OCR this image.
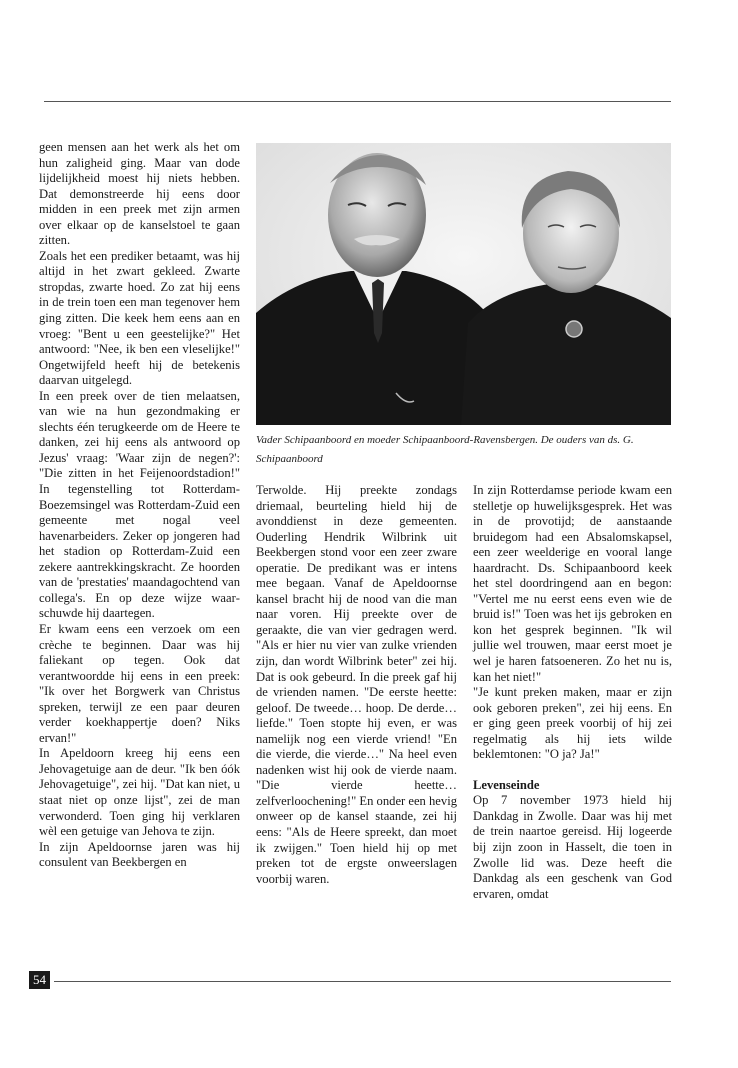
geen mensen aan het werk als het om hun zaligheid ging. Maar van dode lijdelijkheid moest hij niets hebben. Dat demonstreerde hij eens door midden in een preek met zijn armen over elkaar op de kanselstoel te gaan zitten.

Zoals het een prediker betaamt, was hij altijd in het zwart gekleed. Zwarte stropdas, zwarte hoed. Zo zat hij eens in de trein toen een man tegenover hem ging zitten. Die keek hem eens aan en vroeg: "Bent u een geestelijke?" Het antwoord: "Nee, ik ben een vleselijke!" Ongetwijfeld heeft hij de betekenis daarvan uitgelegd.

In een preek over de tien melaatsen, van wie na hun gezondmaking er slechts één terugkeerde om de Heere te danken, zei hij eens als antwoord op Jezus' vraag: 'Waar zijn de negen?': "Die zitten in het Feijenoordstadion!" In tegenstelling tot Rotterdam-Boezemsingel was Rotterdam-Zuid een gemeente met nogal veel havenarbeiders. Zeker op jongeren had het stadion op Rotterdam-Zuid een zekere aantrekkingskracht. Ze hoorden van de 'prestaties' maandagochtend van collega's. En op deze wijze waarschuwde hij daartegen.

Er kwam eens een verzoek om een crèche te beginnen. Daar was hij faliekant op tegen. Ook dat verantwoordde hij eens in een preek: "Ik over het Borgwerk van Christus spreken, terwijl ze een paar deuren verder koekhappertje doen? Niks ervan!"

In Apeldoorn kreeg hij eens een Jehovagetuige aan de deur. "Ik ben óók Jehovagetuige", zei hij. "Dat kan niet, u staat niet op onze lijst", zei de man verwonderd. Toen ging hij verklaren wèl een getuige van Jehova te zijn.

In zijn Apeldoornse jaren was hij consulent van Beekbergen en

Vader Schipaanboord en moeder Schipaanboord-Ravensbergen. De ouders van ds. G. Schipaanboord

Terwolde. Hij preekte zondags driemaal, beurteling hield hij de avonddienst in deze gemeenten. Ouderling Hendrik Wilbrink uit Beekbergen stond voor een zeer zware operatie. De predikant was er intens mee begaan. Vanaf de Apeldoornse kansel bracht hij de nood van die man naar voren. Hij preekte over de geraakte, die van vier gedragen werd. "Als er hier nu vier van zulke vrienden zijn, dan wordt Wilbrink beter" zei hij. Dat is ook gebeurd. In die preek gaf hij de vrienden namen. "De eerste heette: geloof. De tweede… hoop. De derde… liefde." Toen stopte hij even, er was namelijk nog een vierde vriend! "En die vierde, die vierde…" Na heel even nadenken wist hij ook de vierde naam. "Die vierde heette… zelfverloochening!" En onder een hevig onweer op de kansel staande, zei hij eens: "Als de Heere spreekt, dan moet ik zwijgen." Toen hield hij op met preken tot de ergste onweerslagen voorbij waren.

In zijn Rotterdamse periode kwam een stelletje op huwelijksgesprek. Het was in de provotijd; de aanstaande bruidegom had een Absalomskapsel, een zeer weelderige en vooral lange haardracht. Ds. Schipaanboord keek het stel doordringend aan en begon: "Vertel me nu eerst eens even wie de bruid is!" Toen was het ijs gebroken en kon het gesprek beginnen. "Ik wil jullie wel trouwen, maar eerst moet je wel je haren fatsoeneren. Zo het nu is, kan het niet!"

"Je kunt preken maken, maar er zijn ook geboren preken", zei hij eens. En er ging geen preek voorbij of hij zei regelmatig als hij iets wilde beklemtonen: "O ja? Ja!"

Levenseinde

Op 7 november 1973 hield hij Dankdag in Zwolle. Daar was hij met de trein naartoe gereisd. Hij logeerde bij zijn zoon in Hasselt, die toen in Zwolle lid was. Deze heeft die Dankdag als een geschenk van God ervaren, omdat

54
